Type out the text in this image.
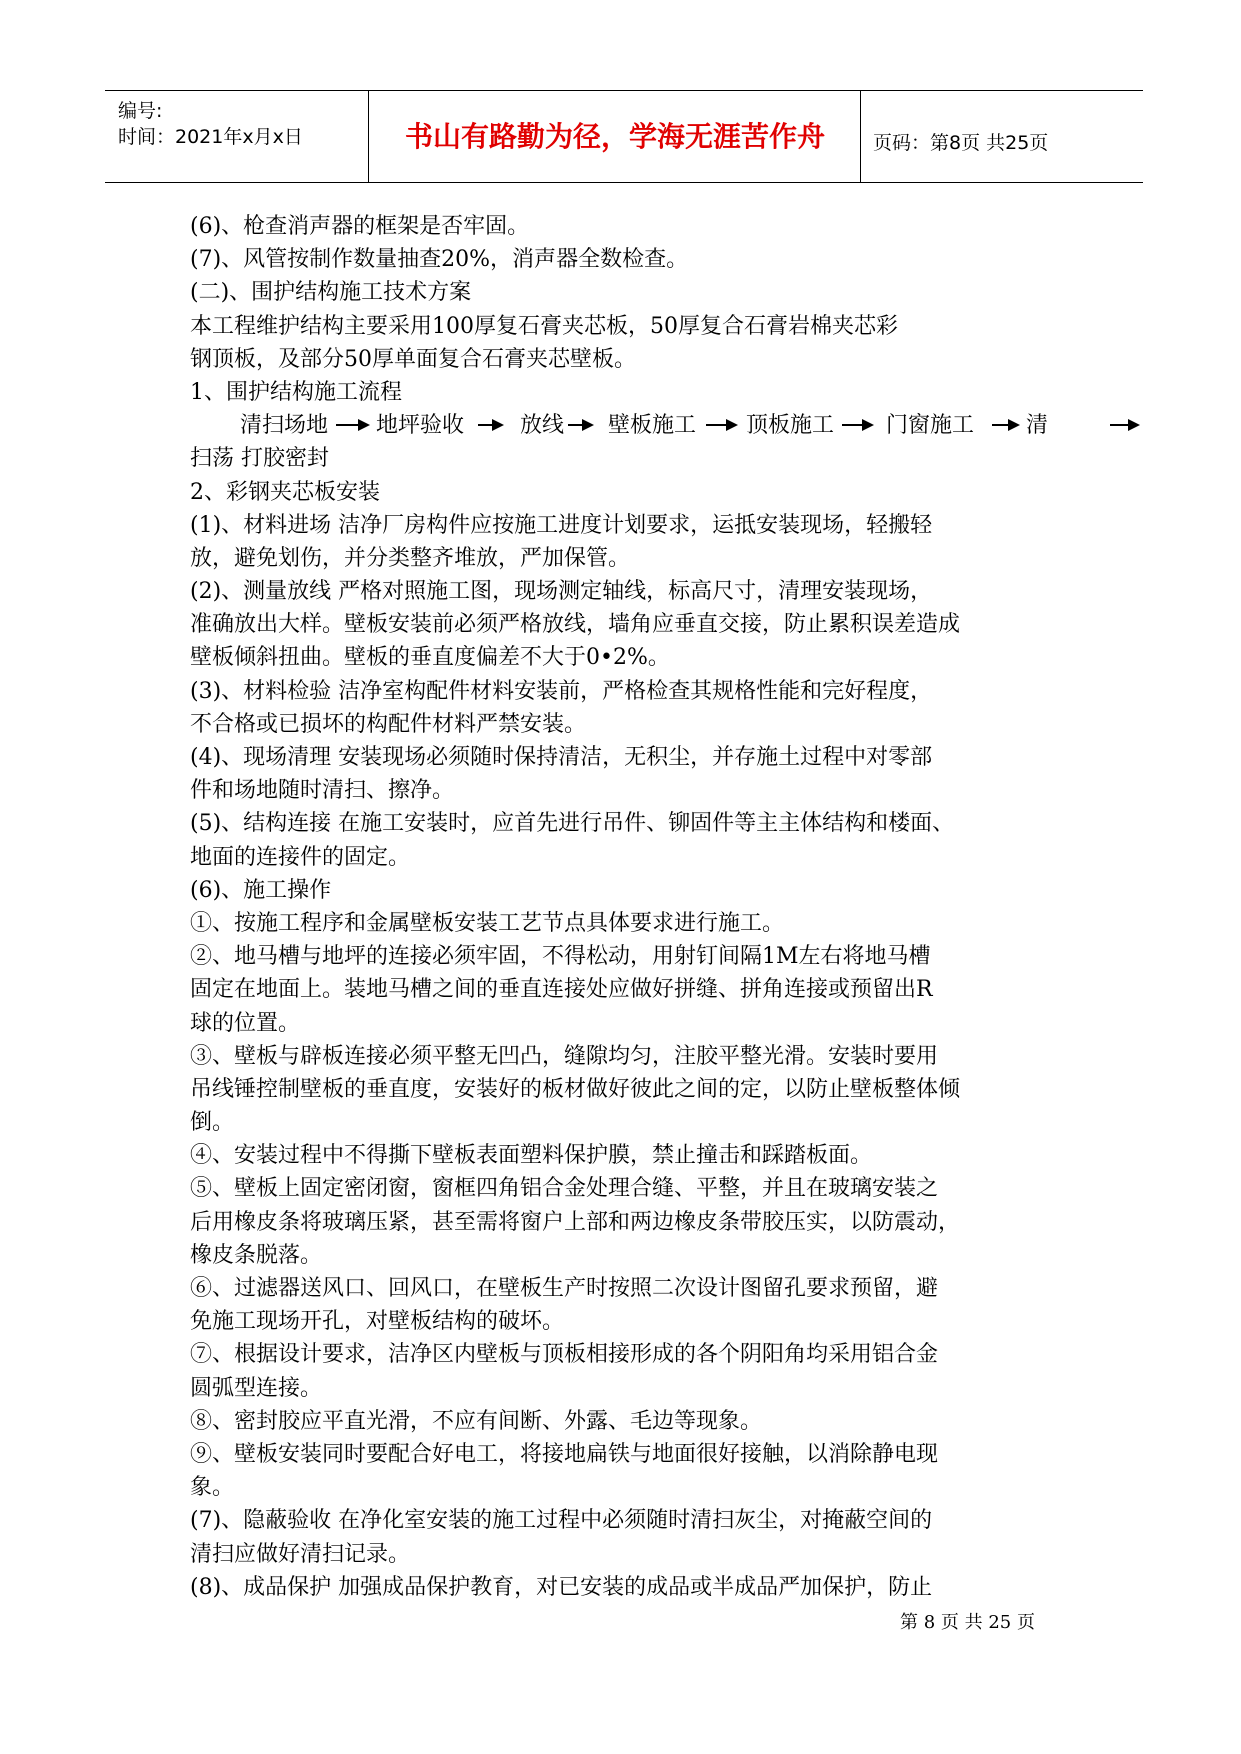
编号:
时间：2021年x月x日	书山有路勤为径，学海无涯苦作舟	页码：第8页 共25页
(6)、枪查消声器的框架是否牢固。
(7)、风管按制作数量抽查20%，消声器全数检查。
(二)、围护结构施工技术方案
本工程维护结构主要采用100厚复石膏夹芯板，50厚复合石膏岩棉夹芯彩
钢顶板，及部分50厚单面复合石膏夹芯壁板。
1、围护结构施工流程
清扫场地 地坪验收	放线 壁板施工 顶板施工 门窗施工 清
扫荡 打胶密封
2、彩钢夹芯板安装
(1)、材料进场 洁净厂房构件应按施工进度计划要求，运抵安装现场，轻搬轻
放，避免划伤，并分类整齐堆放，严加保管。
(2)、测量放线 严格对照施工图，现场测定轴线，标高尺寸，清理安装现场，
准确放出大样。壁板安装前必须严格放线，墙角应垂直交接，防止累积误差造成
壁板倾斜扭曲。壁板的垂直度偏差不大于0•2%。
(3)、材料检验 洁净室构配件材料安装前，严格检查其规格性能和完好程度，
不合格或已损坏的构配件材料严禁安装。
(4)、现场清理 安装现场必须随时保持清洁，无积尘，并存施土过程中对零部
件和场地随时清扫、擦净。
(5)、结构连接 在施工安装时，应首先进行吊件、铆固件等主主体结构和楼面、
地面的连接件的固定。
(6)、施工操作
①、按施工程序和金属壁板安装工艺节点具体要求进行施工。
②、地马槽与地坪的连接必须牢固，不得松动，用射钉间隔1M左右将地马槽
固定在地面上。装地马槽之间的垂直连接处应做好拼缝、拼角连接或预留出R
球的位置。
③、壁板与辟板连接必须平整无凹凸，缝隙均匀，注胶平整光滑。安装时要用
吊线锤控制壁板的垂直度，安装好的板材做好彼此之间的定，以防止壁板整体倾
倒。
④、安装过程中不得撕下壁板表面塑料保护膜，禁止撞击和踩踏板面。
⑤、壁板上固定密闭窗，窗框四角铝合金处理合缝、平整，并且在玻璃安装之
后用橡皮条将玻璃压紧，甚至需将窗户上部和两边橡皮条带胶压实，以防震动，
橡皮条脱落。
⑥、过滤器送风口、回风口，在壁板生产时按照二次设计图留孔要求预留，避
免施工现场开孔，对壁板结构的破坏。
⑦、根据设计要求，洁净区内壁板与顶板相接形成的各个阴阳角均采用铝合金
圆弧型连接。
⑧、密封胶应平直光滑，不应有间断、外露、毛边等现象。
⑨、壁板安装同时要配合好电工，将接地扁铁与地面很好接触，以消除静电现
象。
(7)、隐蔽验收 在净化室安装的施工过程中必须随时清扫灰尘，对掩蔽空间的
清扫应做好清扫记录。
(8)、成品保护 加强成品保护教育，对已安装的成品或半成品严加保护，防止
第 8 页 共 25 页
